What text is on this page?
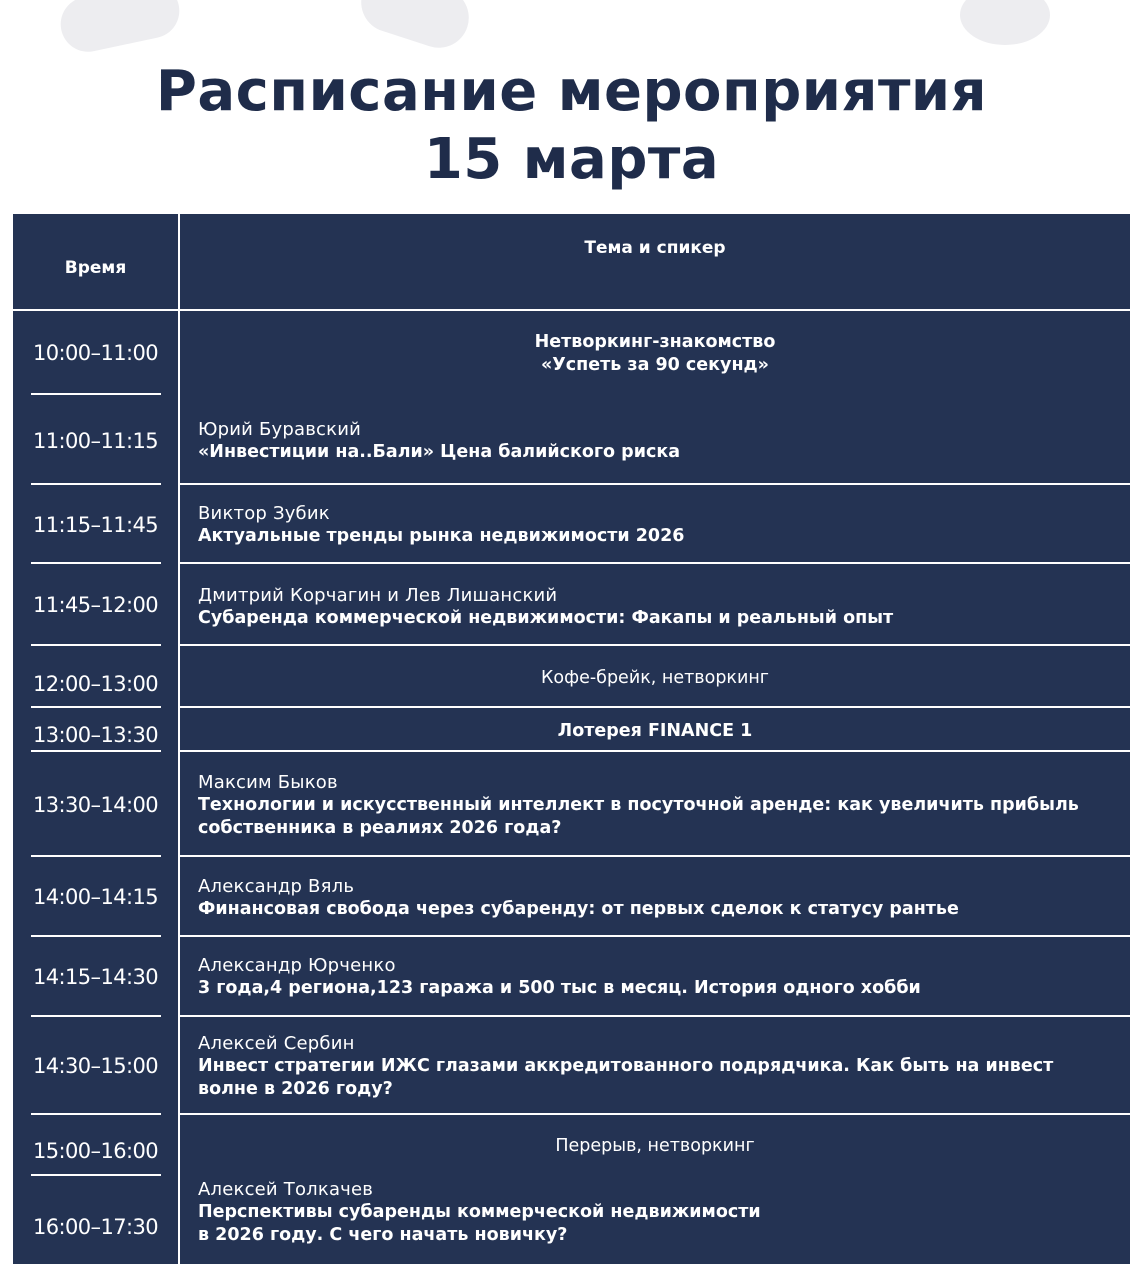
Расписание мероприятия
15 марта
Время
Тема и спикер
10:00–11:00	Нетворкинг-знакомство
«Успеть за 90 секунд»
11:00–11:15	Юрий Буравский
«Инвестиции на..Бали» Цена балийского риска
11:15–11:45	Виктор Зубик
Актуальные тренды рынка недвижимости 2026
11:45–12:00	Дмитрий Корчагин и Лев Лишанский
Субаренда коммерческой недвижимости: Факапы и реальный опыт
12:00–13:00	Кофе-брейк, нетворкинг
13:00–13:30	Лотерея FINANCE 1
13:30–14:00
Максим Быков
Технологии и искусственный интеллект в посуточной аренде: как увеличить прибыль
собственника в реалиях 2026 года?
14:00–14:15	Александр Вяль
Финансовая свобода через субаренду: от первых сделок к статусу рантье
14:15–14:30	Александр Юрченко
3 года,4 региона,123 гаража и 500 тыс в месяц. История одного хобби
14:30–15:00
Алексей Сербин
Инвест стратегии ИЖС глазами аккредитованного подрядчика. Как быть на инвест
волне в 2026 году?
15:00–16:00	Перерыв, нетворкинг
16:00–17:30
Алексей Толкачев
Перспективы субаренды коммерческой недвижимости
в 2026 году. С чего начать новичку?
